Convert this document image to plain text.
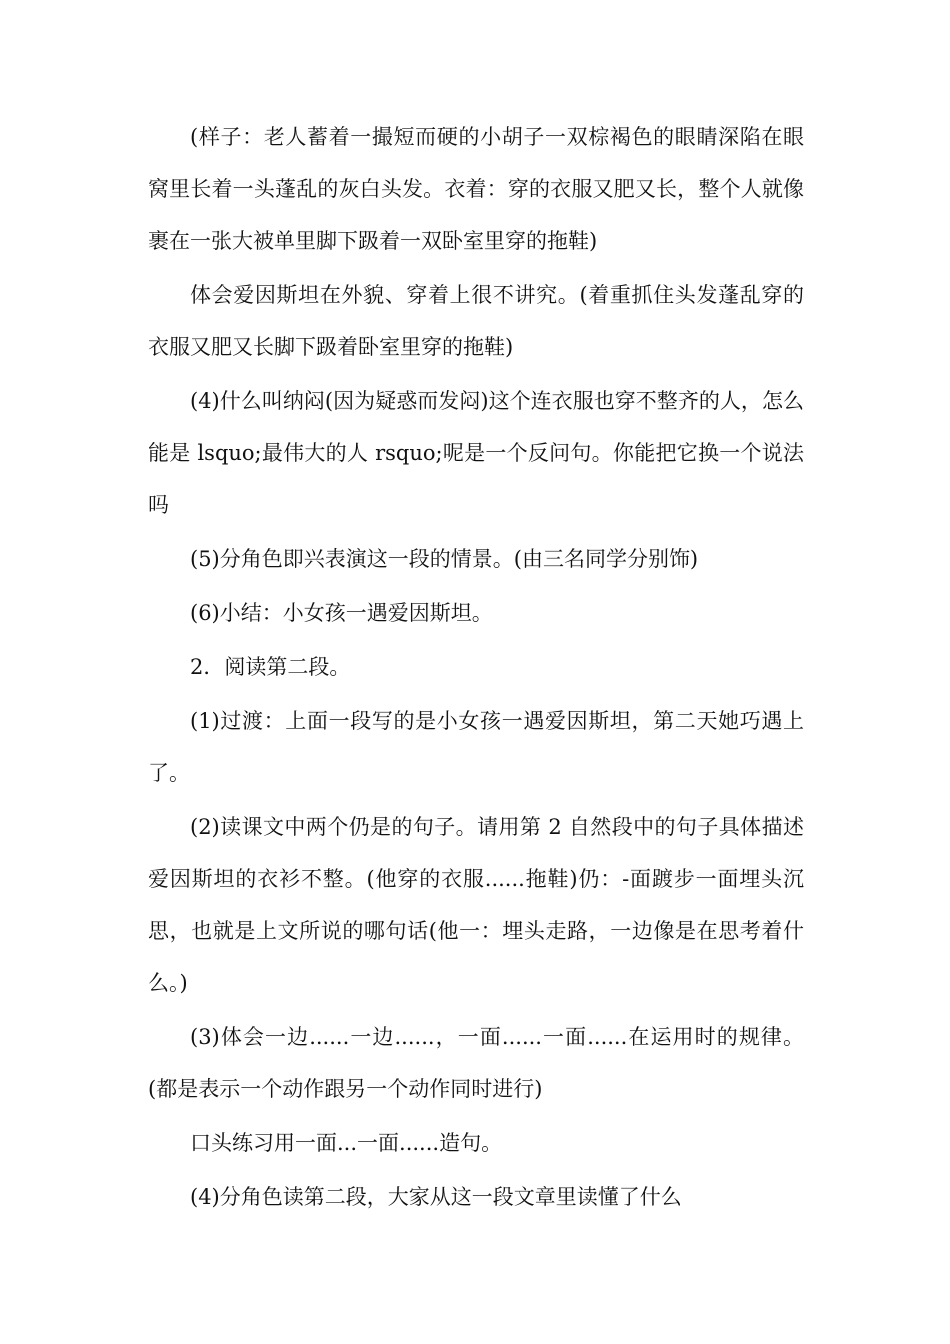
(样子：老人蓄着一撮短而硬的小胡子一双棕褐色的眼睛深陷在眼窝里长着一头蓬乱的灰白头发。衣着：穿的衣服又肥又长，整个人就像裹在一张大被单里脚下趿着一双卧室里穿的拖鞋)

体会爱因斯坦在外貌、穿着上很不讲究。(着重抓住头发蓬乱穿的衣服又肥又长脚下趿着卧室里穿的拖鞋)

(4)什么叫纳闷(因为疑惑而发闷)这个连衣服也穿不整齐的人，怎么能是 lsquo;最伟大的人 rsquo;呢是一个反问句。你能把它换一个说法吗

(5)分角色即兴表演这一段的情景。(由三名同学分别饰)

(6)小结：小女孩一遇爱因斯坦。

2．阅读第二段。

(1)过渡：上面一段写的是小女孩一遇爱因斯坦，第二天她巧遇上了。

(2)读课文中两个仍是的句子。请用第 2 自然段中的句子具体描述爱因斯坦的衣衫不整。(他穿的衣服......拖鞋)仍：-面踱步一面埋头沉思，也就是上文所说的哪句话(他一：埋头走路，一边像是在思考着什么。)

(3)体会一边......一边......，一面......一面......在运用时的规律。(都是表示一个动作跟另一个动作同时进行)

口头练习用一面...一面......造句。

(4)分角色读第二段，大家从这一段文章里读懂了什么
